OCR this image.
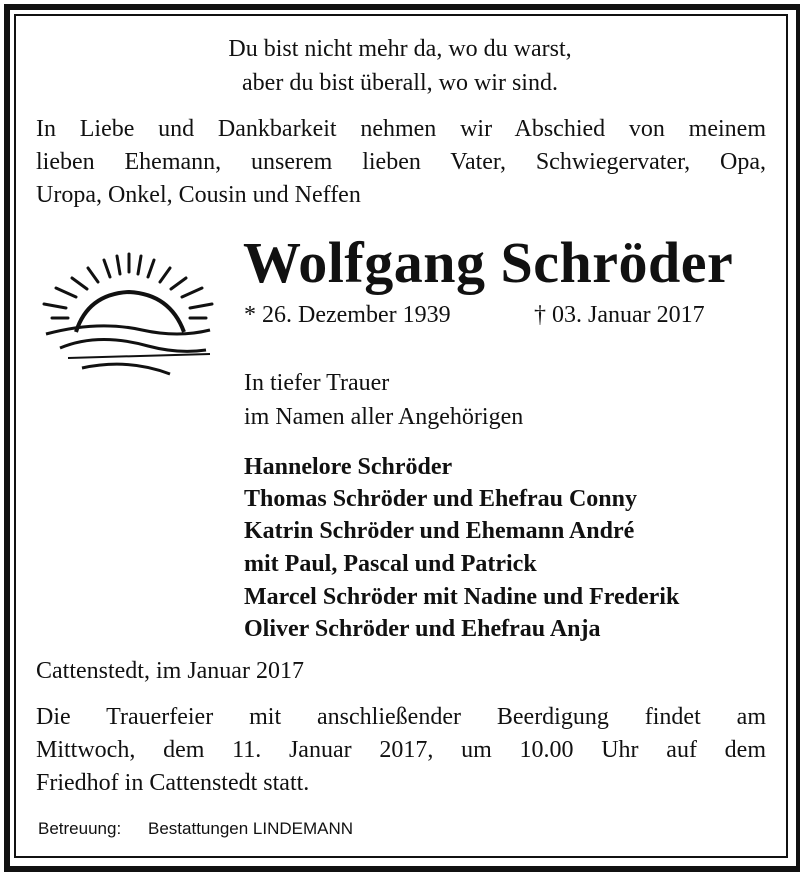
Du bist nicht mehr da, wo du warst,
aber du bist überall, wo wir sind.
In Liebe und Dankbarkeit nehmen wir Abschied von meinem
lieben Ehemann, unserem lieben Vater, Schwiegervater, Opa,
Uropa, Onkel, Cousin und Neffen
Wolfgang Schröder
* 26. Dezember 1939	† 03. Januar 2017
In tiefer Trauer
im Namen aller Angehörigen
Hannelore Schröder
Thomas Schröder und Ehefrau Conny
Katrin Schröder und Ehemann André
mit Paul, Pascal und Patrick
Marcel Schröder mit Nadine und Frederik
Oliver Schröder und Ehefrau Anja
Cattenstedt, im Januar 2017
Die Trauerfeier mit anschließender Beerdigung findet am
Mittwoch, dem 11. Januar 2017, um 10.00 Uhr auf dem
Friedhof in Cattenstedt statt.
Betreuung: Bestattungen LINDEMANN
